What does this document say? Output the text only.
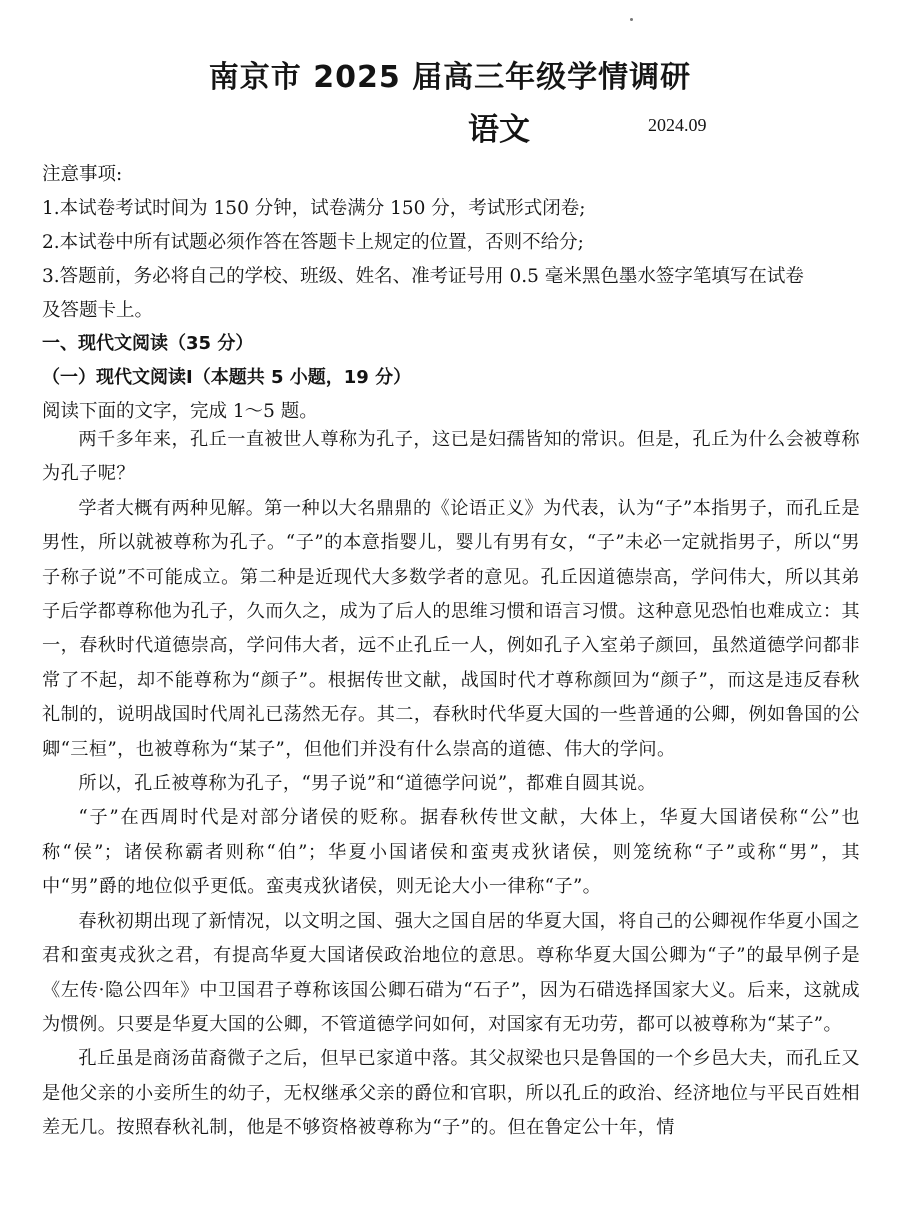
南京市 2025 届高三年级学情调研
语文	2024.09
注意事项:
1.本试卷考试时间为 150 分钟，试卷满分 150 分，考试形式闭卷;
2.本试卷中所有试题必须作答在答题卡上规定的位置，否则不给分;
3.答题前，务必将自己的学校、班级、姓名、准考证号用 0.5 毫米黑色墨水签字笔填写在试卷
及答题卡上。
一、现代文阅读（35 分）
（一）现代文阅读Ⅰ（本题共 5 小题，19 分）
阅读下面的文字，完成 1～5 题。

两千多年来，孔丘一直被世人尊称为孔子，这已是妇孺皆知的常识。但是，孔丘为什么会被尊称为孔子呢？

学者大概有两种见解。第一种以大名鼎鼎的《论语正义》为代表，认为“子”本指男子，而孔丘是男性，所以就被尊称为孔子。“子”的本意指婴儿，婴儿有男有女，“子”未必一定就指男子，所以“男子称子说”不可能成立。第二种是近现代大多数学者的意见。孔丘因道德崇高，学问伟大，所以其弟子后学都尊称他为孔子，久而久之，成为了后人的思维习惯和语言习惯。这种意见恐怕也难成立：其一，春秋时代道德崇高，学问伟大者，远不止孔丘一人，例如孔子入室弟子颜回，虽然道德学问都非常了不起，却不能尊称为“颜子”。根据传世文献，战国时代才尊称颜回为“颜子”，而这是违反春秋礼制的，说明战国时代周礼已荡然无存。其二，春秋时代华夏大国的一些普通的公卿，例如鲁国的公卿“三桓”，也被尊称为“某子”，但他们并没有什么崇高的道德、伟大的学问。

所以，孔丘被尊称为孔子，“男子说”和“道德学问说”，都难自圆其说。

“子”在西周时代是对部分诸侯的贬称。据春秋传世文献，大体上，华夏大国诸侯称“公”也称“侯”；诸侯称霸者则称“伯”；华夏小国诸侯和蛮夷戎狄诸侯，则笼统称“子”或称“男”，其中“男”爵的地位似乎更低。蛮夷戎狄诸侯，则无论大小一律称“子”。

春秋初期出现了新情况，以文明之国、强大之国自居的华夏大国，将自己的公卿视作华夏小国之君和蛮夷戎狄之君，有提高华夏大国诸侯政治地位的意思。尊称华夏大国公卿为“子”的最早例子是《左传·隐公四年》中卫国君子尊称该国公卿石碏为“石子”，因为石碏选择国家大义。后来，这就成为惯例。只要是华夏大国的公卿，不管道德学问如何，对国家有无功劳，都可以被尊称为“某子”。

孔丘虽是商汤苗裔微子之后，但早已家道中落。其父叔梁也只是鲁国的一个乡邑大夫，而孔丘又是他父亲的小妾所生的幼子，无权继承父亲的爵位和官职，所以孔丘的政治、经济地位与平民百姓相差无几。按照春秋礼制，他是不够资格被尊称为“子”的。但在鲁定公十年，情
